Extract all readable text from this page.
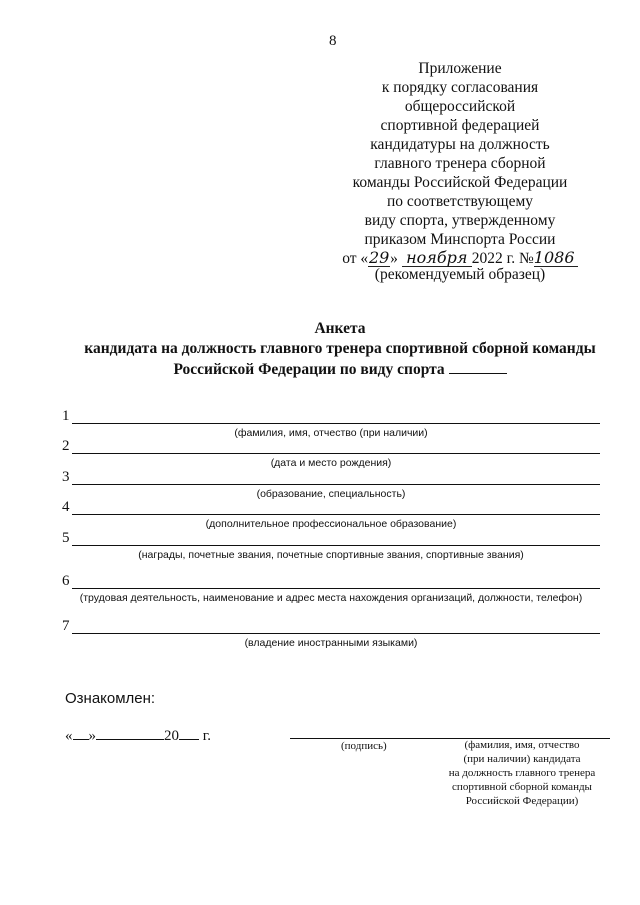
8
Приложение
к порядку согласования
общероссийской
спортивной федерацией
кандидатуры на должность
главного тренера сборной
команды Российской Федерации
по соответствующему
виду спорта, утвержденному
приказом Минспорта России
от «29» ноября 2022 г. №1086
(рекомендуемый образец)
Анкета
кандидата на должность главного тренера спортивной сборной команды
Российской Федерации по виду спорта
1
(фамилия, имя, отчество (при наличии)
2
(дата и место рождения)
3
(образование, специальность)
4
(дополнительное профессиональное образование)
5
(награды, почетные звания, почетные спортивные звания, спортивные звания)
6
(трудовая деятельность, наименование и адрес места нахождения организаций, должности, телефон)
7
(владение иностранными языками)
Ознакомлен:
« »	20 г.
(подпись)	(фамилия, имя, отчество
(при наличии) кандидата
на должность главного тренера
спортивной сборной команды
Российской Федерации)
